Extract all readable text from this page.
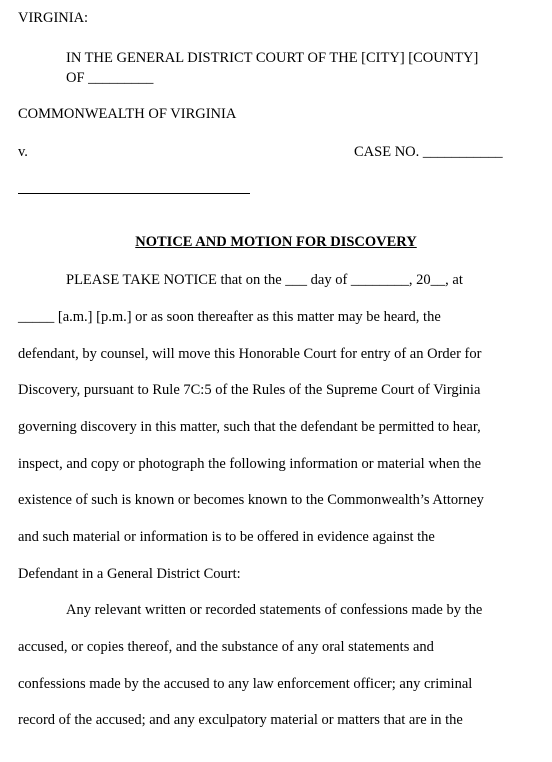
VIRGINIA:
IN THE GENERAL DISTRICT COURT OF THE [CITY] [COUNTY]
OF _________
COMMONWEALTH OF VIRGINIA
v.	CASE NO. ___________
NOTICE AND MOTION FOR DISCOVERY
PLEASE TAKE NOTICE that on the ___ day of ________, 20__, at
_____ [a.m.] [p.m.] or as soon thereafter as this matter may be heard, the
defendant, by counsel, will move this Honorable Court for entry of an Order for
Discovery, pursuant to Rule 7C:5 of the Rules of the Supreme Court of Virginia
governing discovery in this matter, such that the defendant be permitted to hear,
inspect, and copy or photograph the following information or material when the
existence of such is known or becomes known to the Commonwealth’s Attorney
and such material or information is to be offered in evidence against the
Defendant in a General District Court:
Any relevant written or recorded statements of confessions made by the
accused, or copies thereof, and the substance of any oral statements and
confessions made by the accused to any law enforcement officer; any criminal
record of the accused; and any exculpatory material or matters that are in the
